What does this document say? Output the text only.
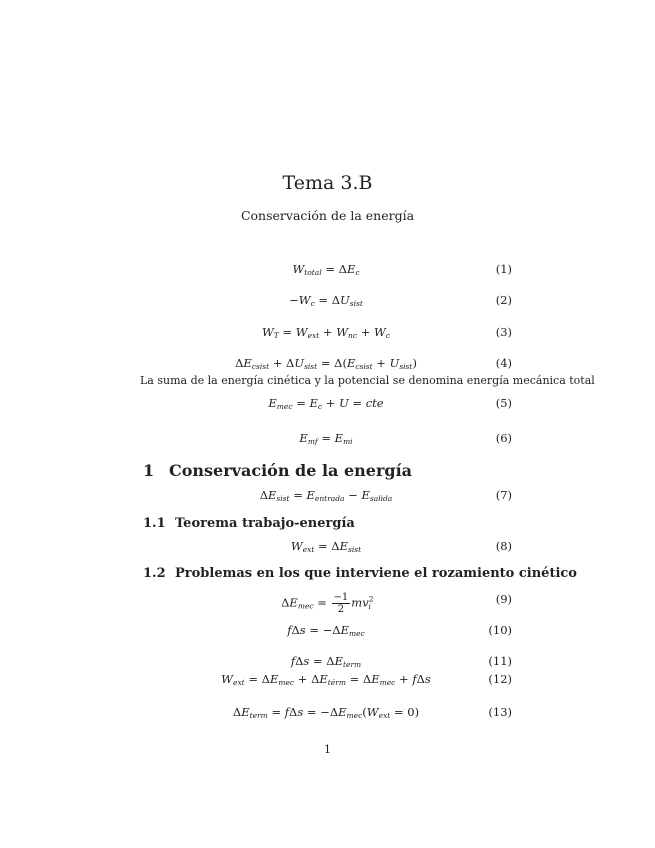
Tema 3.B
Conservación de la energía
$W_{total} = \Delta E_c$	(1)
$-W_c = \Delta U_{sist}$	(2)
$W_T = W_{ext} + W_{nc} + W_c$	(3)
$\Delta E_{csist} + \Delta U_{sist} = \Delta(E_{csist} + U_{sist})$	(4)
La suma de la energía cinética y la potencial se denomina energía mecánica total
$E_{mec} = E_c + U$ = cte	(5)
$E_{mf} = E_{mi}$	(6)
1 Conservación de la energía
$\Delta E_{sist} = E_{entrada} - E_{salida}$	(7)
1.1 Teorema trabajo-energía
$W_{ext} = \Delta E_{sist}$	(8)
1.2 Problemas en los que interviene el rozamiento cinético
$\Delta E_{mec} = \frac{-1}{2} mv^2_i$	(9)
$f\Delta s = -\Delta E_{mec}$	(10)
$f\Delta s = \Delta E_{term}$	(11)
$W_{ext} = \Delta E_{mec} + \Delta E_{térm} = \Delta E_{mec} + f\Delta s$	(12)
$\Delta E_{term} = f\Delta s = -\Delta E_{mec}(W_{ext} = 0)$	(13)
1
